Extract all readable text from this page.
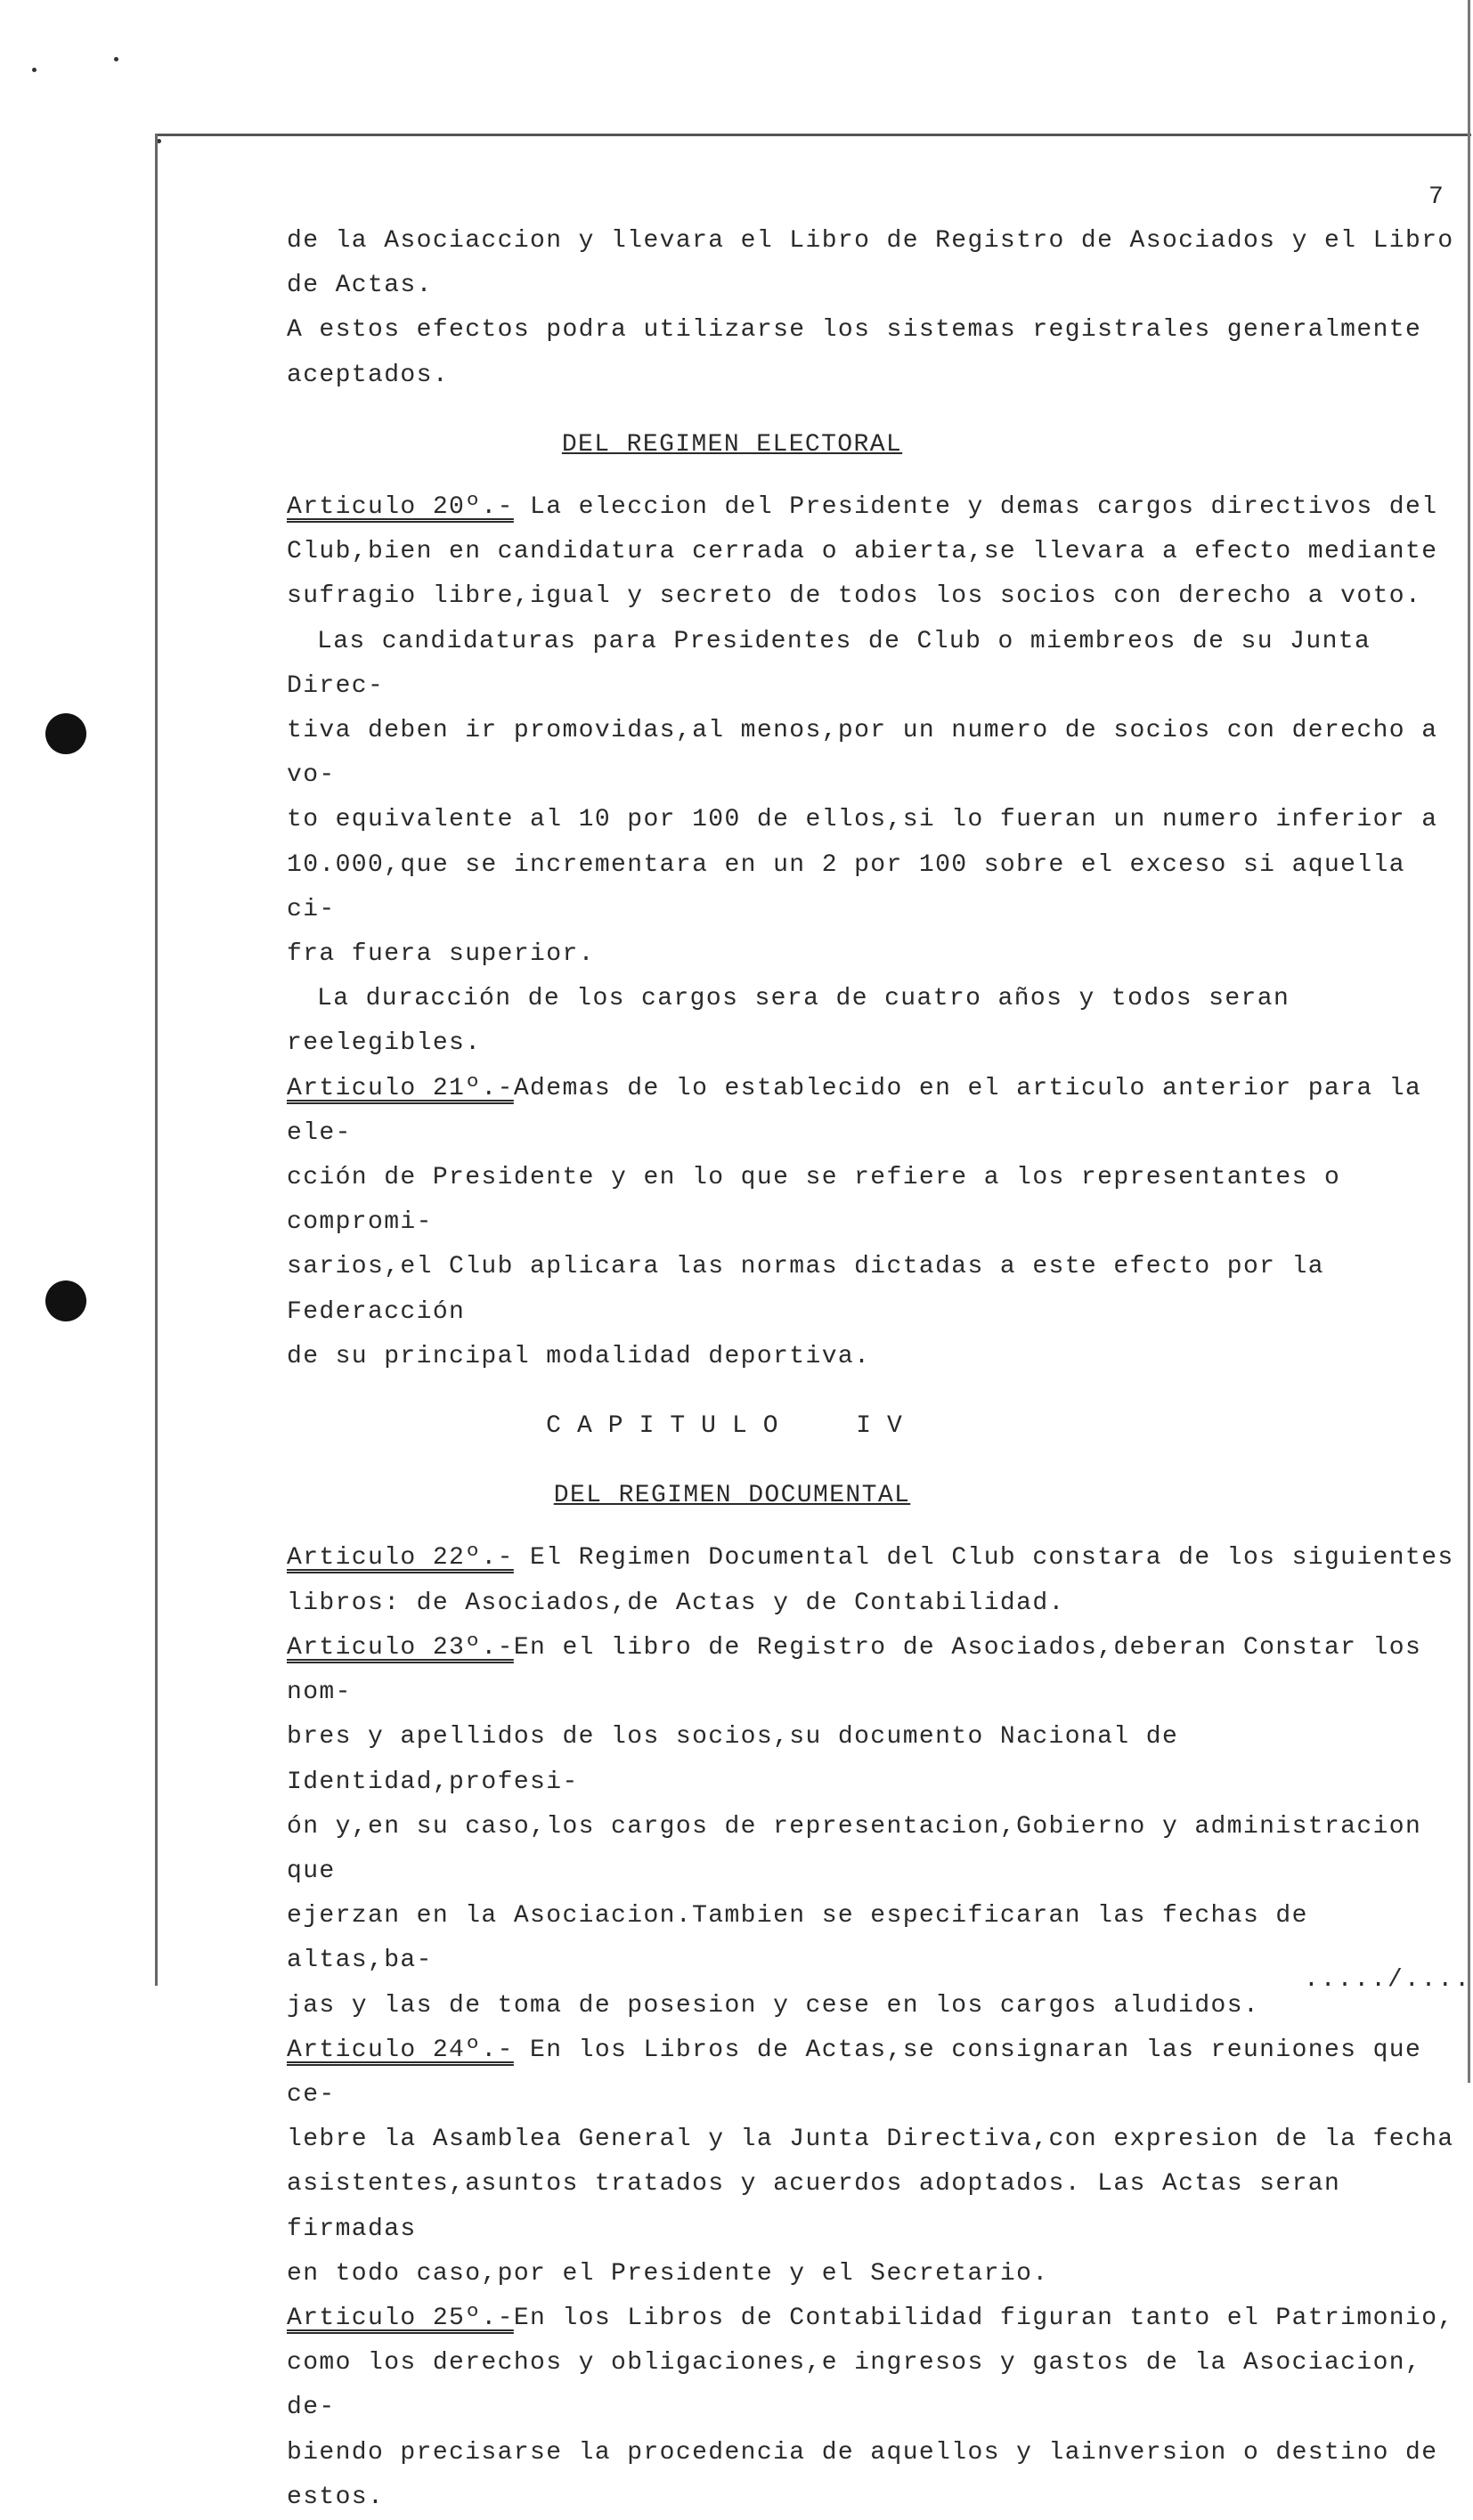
7

de la Asociaccion y llevara el Libro de Registro de Asociados y el Libro

de Actas.

A estos efectos podra utilizarse los sistemas registrales generalmente

aceptados.

DEL REGIMEN ELECTORAL

Articulo 20º.- La eleccion del Presidente y demas cargos directivos del

Club,bien en candidatura cerrada o abierta,se llevara a efecto mediante

sufragio libre,igual y secreto de todos los socios con derecho a voto.

Las candidaturas para Presidentes de Club o miembreos de su Junta Direc-

tiva deben ir promovidas,al menos,por un numero de socios con derecho a vo-

to equivalente al 10 por 100 de ellos,si lo fueran un numero inferior a

10.000,que se incrementara en un 2 por 100 sobre el exceso si aquella ci-

fra fuera superior.

La duracción de los cargos sera de cuatro años y todos seran reelegibles.

Articulo 21º.-Ademas de lo establecido en el articulo anterior para la ele-

cción de Presidente y en lo que se refiere a los representantes o compromi-

sarios,el Club aplicara las normas dictadas a este efecto por la Federacción

de su principal modalidad deportiva.

CAPITULO IV

DEL REGIMEN DOCUMENTAL

Articulo 22º.- El Regimen Documental del Club constara de los siguientes

libros: de Asociados,de Actas y de Contabilidad.

Articulo 23º.-En el libro de Registro de Asociados,deberan Constar los nom-

bres y apellidos de los socios,su documento Nacional de Identidad,profesi-

ón y,en su caso,los cargos de representacion,Gobierno y administracion que

ejerzan en la Asociacion.Tambien se especificaran las fechas de altas,ba-

jas y las de toma de posesion y cese en los cargos aludidos.

Articulo 24º.- En los Libros de Actas,se consignaran las reuniones que ce-

lebre la Asamblea General y la Junta Directiva,con expresion de la fecha

asistentes,asuntos tratados y acuerdos adoptados. Las Actas seran firmadas

en todo caso,por el Presidente y el Secretario.

Articulo 25º.-En los Libros de Contabilidad figuran tanto el Patrimonio,

como los derechos y obligaciones,e ingresos y gastos de la Asociacion, de-

biendo precisarse la procedencia de aquellos y lainversion o destino de

estos.

...../....
